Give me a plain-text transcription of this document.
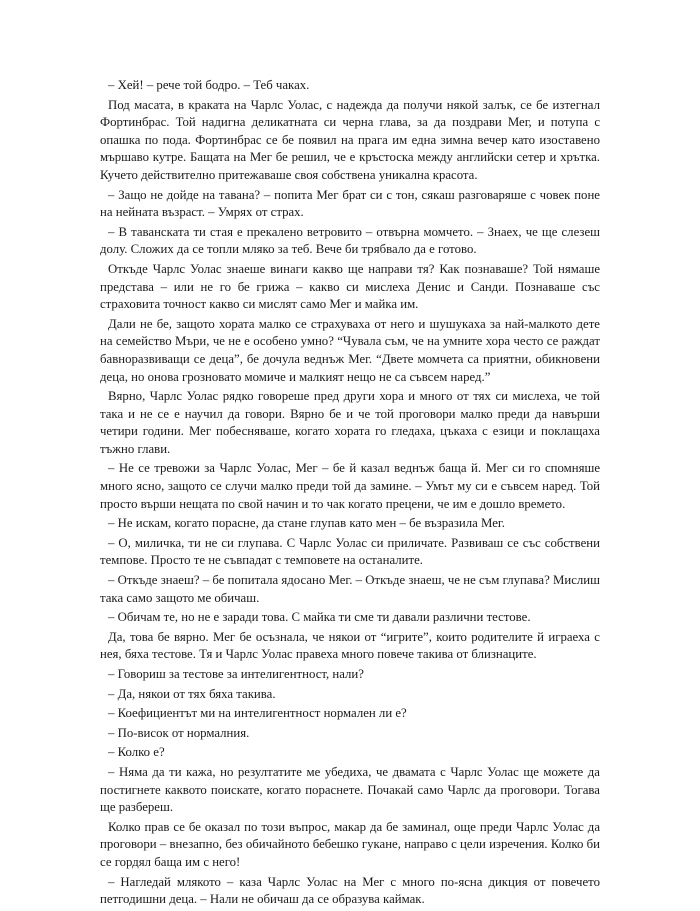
– Хей! – рече той бодро. – Теб чаках.

Под масата, в краката на Чарлс Уолас, с надежда да получи някой залък, се бе изтегнал Фортинбрас. Той надигна деликатната си черна глава, за да поздрави Мег, и потупа с опашка по пода. Фортинбрас се бе появил на прага им една зимна вечер като изоставено мършаво кутре. Бащата на Мег бе решил, че е кръстоска между английски сетер и хрътка. Кучето действително притежаваше своя собствена уникална красота.

– Защо не дойде на тавана? – попита Мег брат си с тон, сякаш разговаряше с човек поне на нейната възраст. – Умрях от страх.

– В таванската ти стая е прекалено ветровито – отвърна момчето. – Знаех, че ще слезеш долу. Сложих да се топли мляко за теб. Вече би трябвало да е готово.

Откъде Чарлс Уолас знаеше винаги какво ще направи тя? Как познаваше? Той нямаше представа – или не го бе грижа – какво си мислеха Денис и Санди. Познаваше със страховита точност какво си мислят само Мег и майка им.

Дали не бе, защото хората малко се страхуваха от него и шушукаха за най-малкото дете на семейство Мъри, че не е особено умно? “Чувала съм, че на умните хора често се раждат бавноразвиващи се деца”, бе дочула веднъж Мег. “Двете момчета са приятни, обикновени деца, но онова грозновато момиче и малкият нещо не са съвсем наред.”

Вярно, Чарлс Уолас рядко говореше пред други хора и много от тях си мислеха, че той така и не се е научил да говори. Вярно бе и че той проговори малко преди да навърши четири години. Мег побесняваше, когато хората го гледаха, цъкаха с езици и поклащаха тъжно глави.

– Не се тревожи за Чарлс Уолас, Мег – бе й казал веднъж баща й. Мег си го спомняше много ясно, защото се случи малко преди той да замине. – Умът му си е съвсем наред. Той просто върши нещата по свой начин и то чак когато прецени, че им е дошло времето.

– Не искам, когато порасне, да стане глупав като мен – бе възразила Мег.

– О, миличка, ти не си глупава. С Чарлс Уолас си приличате. Развиваш се със собствени темпове. Просто те не съвпадат с темповете на останалите.

– Откъде знаеш? – бе попитала ядосано Мег. – Откъде знаеш, че не съм глупава? Мислиш така само защото ме обичаш.

– Обичам те, но не е заради това. С майка ти сме ти давали различни тестове.

Да, това бе вярно. Мег бе осъзнала, че някои от “игрите”, които родителите й играеха с нея, бяха тестове. Тя и Чарлс Уолас правеха много повече такива от близнаците.

– Говориш за тестове за интелигентност, нали?

– Да, някои от тях бяха такива.

– Коефициентът ми на интелигентност нормален ли е?

– По-висок от нормалния.

– Колко е?

– Няма да ти кажа, но резултатите ме убедиха, че двамата с Чарлс Уолас ще можете да постигнете каквото поискате, когато пораснете. Почакай само Чарлс да проговори. Тогава ще разбереш.

Колко прав се бе оказал по този въпрос, макар да бе заминал, още преди Чарлс Уолас да проговори – внезапно, без обичайното бебешко гукане, направо с цели изречения. Колко би се гордял баща им с него!

– Нагледай млякото – каза Чарлс Уолас на Мег с много по-ясна дикция от повечето петгодишни деца. – Нали не обичаш да се образува каймак.
